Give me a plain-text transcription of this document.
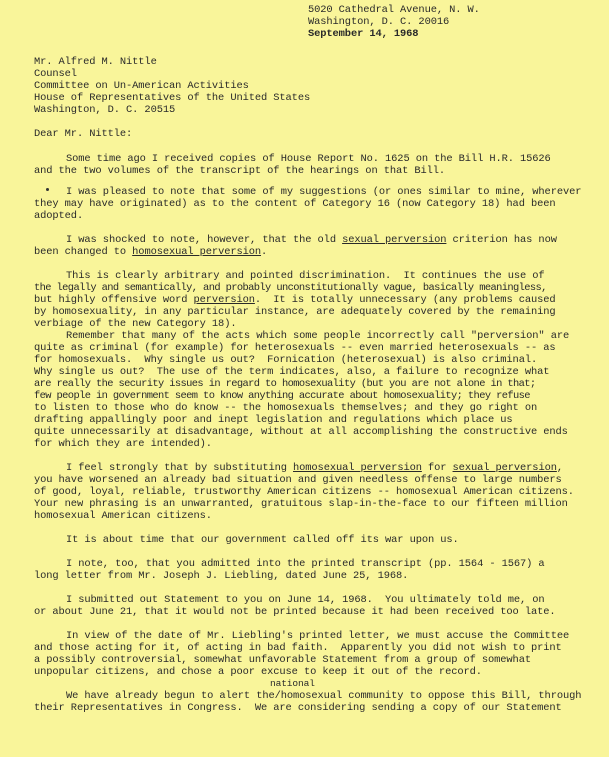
5020 Cathedral Avenue, N. W.
Washington, D. C. 20016
September 14, 1968
Mr. Alfred M. Nittle
Counsel
Committee on Un-American Activities
House of Representatives of the United States
Washington, D. C. 20515
Dear Mr. Nittle:
Some time ago I received copies of House Report No. 1625 on the Bill H.R. 15626
and the two volumes of the transcript of the hearings on that Bill.
I was pleased to note that some of my suggestions (or ones similar to mine, wherever
they may have originated) as to the content of Category 16 (now Category 18) had been
adopted.
I was shocked to note, however, that the old sexual perversion criterion has now
been changed to homosexual perversion.
This is clearly arbitrary and pointed discrimination.  It continues the use of
the legally and semantically, and probably unconstitutionally vague, basically meaningless,
but highly offensive word perversion.  It is totally unnecessary (any problems caused
by homosexuality, in any particular instance, are adequately covered by the remaining
verbiage of the new Category 18).
Remember that many of the acts which some people incorrectly call "perversion" are
quite as criminal (for example) for heterosexuals -- even married heterosexuals -- as
for homosexuals.  Why single us out?  Fornication (heterosexual) is also criminal.
Why single us out?  The use of the term indicates, also, a failure to recognize what
are really the security issues in regard to homosexuality (but you are not alone in that;
few people in government seem to know anything accurate about homosexuality; they refuse
to listen to those who do know -- the homosexuals themselves; and they go right on
drafting appallingly poor and inept legislation and regulations which place us
quite unnecessarily at disadvantage, without at all accomplishing the constructive ends
for which they are intended).
I feel strongly that by substituting homosexual perversion for sexual perversion,
you have worsened an already bad situation and given needless offense to large numbers
of good, loyal, reliable, trustworthy American citizens -- homosexual American citizens.
Your new phrasing is an unwarranted, gratuitous slap-in-the-face to our fifteen million
homosexual American citizens.
It is about time that our government called off its war upon us.
I note, too, that you admitted into the printed transcript (pp. 1564 - 1567) a
long letter from Mr. Joseph J. Liebling, dated June 25, 1968.
I submitted out Statement to you on June 14, 1968.  You ultimately told me, on
or about June 21, that it would not be printed because it had been received too late.
In view of the date of Mr. Liebling's printed letter, we must accuse the Committee
and those acting for it, of acting in bad faith.  Apparently you did not wish to print
a possibly controversial, somewhat unfavorable Statement from a group of somewhat
unpopular citizens, and chose a poor excuse to keep it out of the record.
national
We have already begun to alert the/homosexual community to oppose this Bill, through
their Representatives in Congress.  We are considering sending a copy of our Statement
